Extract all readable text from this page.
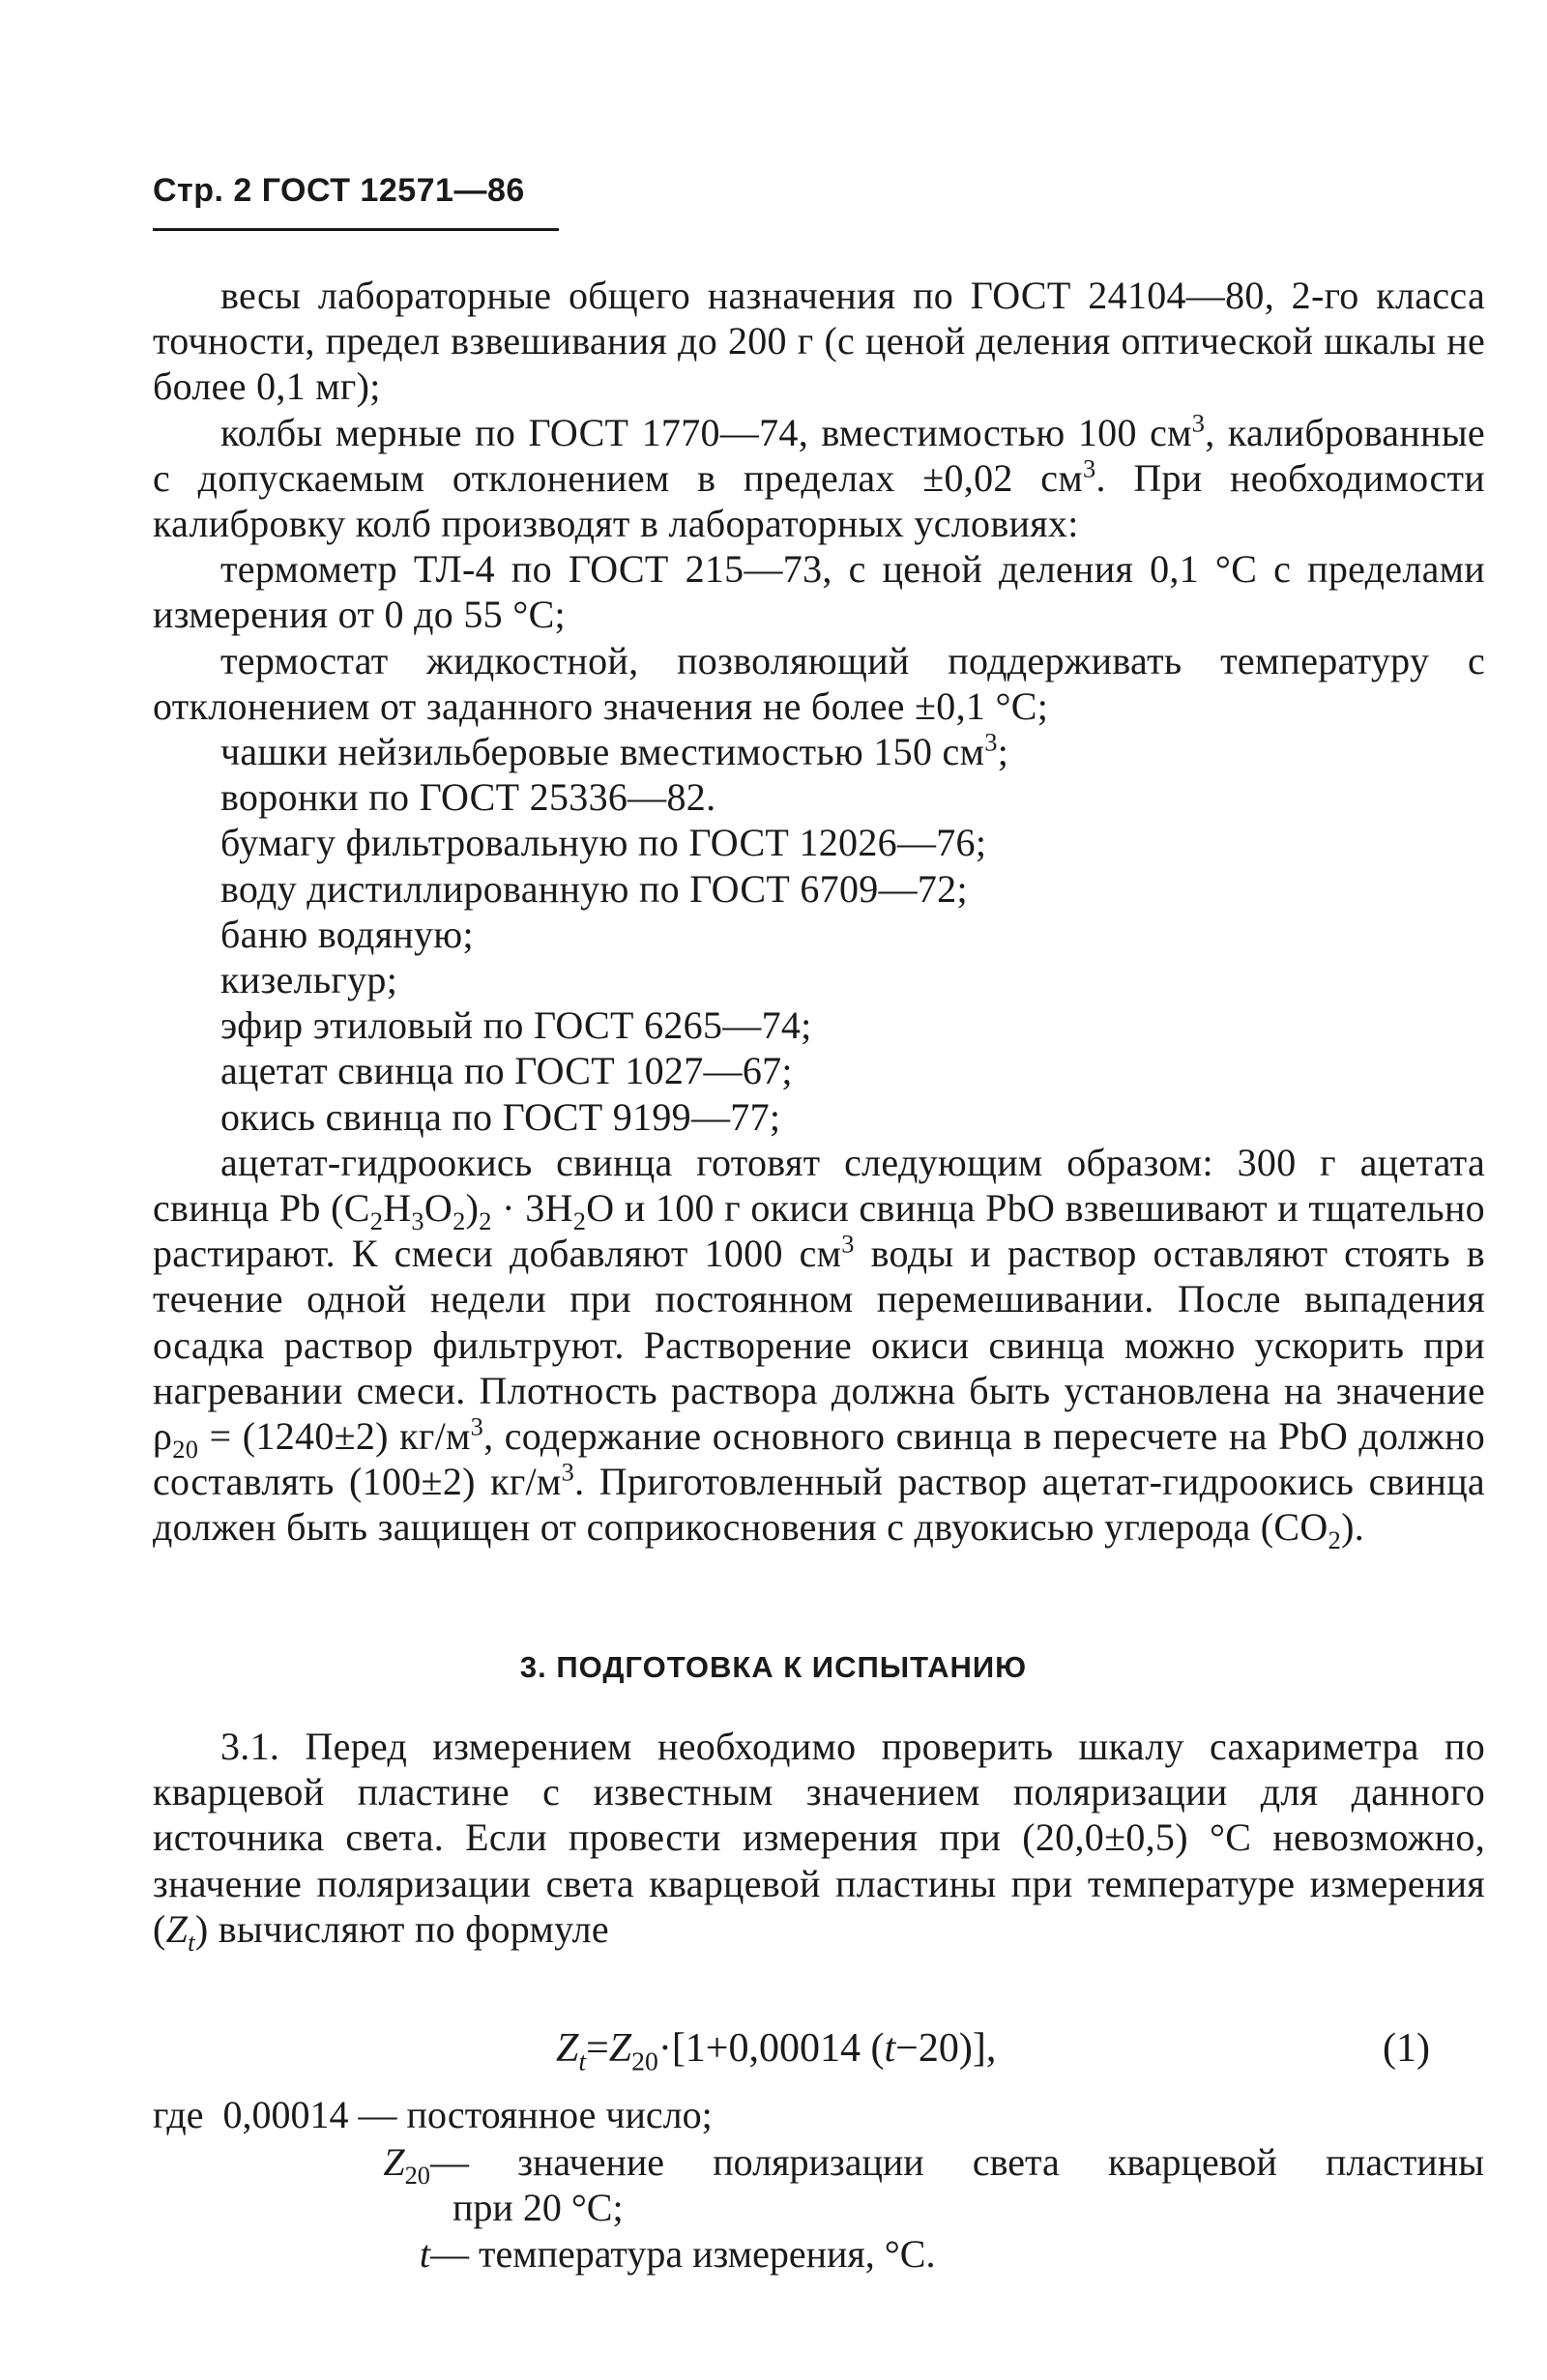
Стр. 2 ГОСТ 12571—86

весы лабораторные общего назначения по ГОСТ 24104—80, 2-го класса точности, предел взвешивания до 200 г (с ценой деления оптической шкалы не более 0,1 мг);

колбы мерные по ГОСТ 1770—74, вместимостью 100 $см^3$, калиброванные с допускаемым отклонением в пределах ±0,02 $см^3$. При необходимости калибровку колб производят в лабораторных условиях:

термометр ТЛ-4 по ГОСТ 215—73, с ценой деления 0,1 °С с пределами измерения от 0 до 55 °С;

термостат жидкостной, позволяющий поддерживать температуру с отклонением от заданного значения не более ±0,1 °С;

чашки нейзильберовые вместимостью 150 $см^3$;

воронки по ГОСТ 25336—82.

бумагу фильтровальную по ГОСТ 12026—76;

воду дистиллированную по ГОСТ 6709—72;

баню водяную;

кизельгур;

эфир этиловый по ГОСТ 6265—74;

ацетат свинца по ГОСТ 1027—67;

окись свинца по ГОСТ 9199—77;

ацетат-гидроокись свинца готовят следующим образом: 300 г ацетата свинца Pb $(C_2H_3O_2)_2 \cdot 3H_2O$ и 100 г окиси свинца PbO взвешивают и тщательно растирают. К смеси добавляют 1000 $см^3$ воды и раствор оставляют стоять в течение одной недели при постоянном перемешивании. После выпадения осадка раствор фильтруют. Растворение окиси свинца можно ускорить при нагревании смеси. Плотность раствора должна быть установлена на значение $\rho_{20} = (1240\pm 2)$ $кг/м^3$, содержание основного свинца в пересчете на PbO должно составлять (100±2) $кг/м^3$. Приготовленный раствор ацетат-гидроокись свинца должен быть защищен от соприкосновения с двуокисью углерода $(CO_2)$.

3. ПОДГОТОВКА К ИСПЫТАНИЮ

3.1. Перед измерением необходимо проверить шкалу сахариметра по кварцевой пластине с известным значением поляризации для данного источника света. Если провести измерения при (20,0±0,5) °С невозможно, значение поляризации света кварцевой пластины при температуре измерения $(Z_t)$ вычисляют по формуле

$Z_t=Z_{20}\cdot[1+0,00014$ (t−20)],	(1)
где 0,00014 — постоянное число;
$Z_{20}$ — значение поляризации света кварцевой пластины
при 20 °С;
t — температура измерения, °С.
